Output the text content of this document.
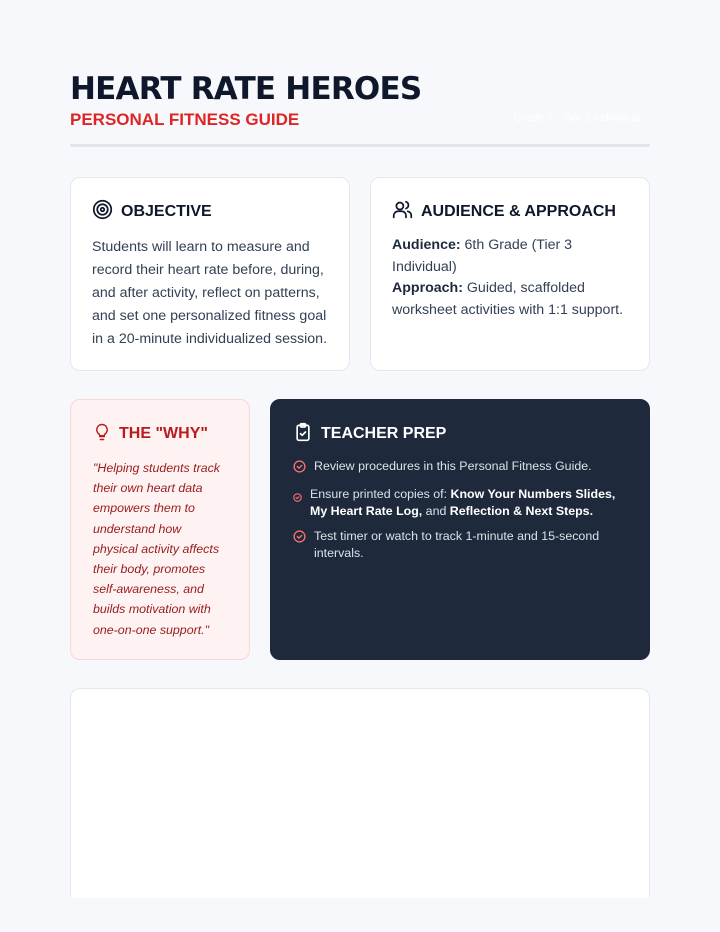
HEART RATE HEROES
PERSONAL FITNESS GUIDE	Grade 6 · Tier 3 Individual
OBJECTIVE

Students will learn to measure and record their heart rate before, during, and after activity, reflect on patterns, and set one personalized fitness goal in a 20-minute individualized session.

AUDIENCE & APPROACH

Audience: 6th Grade (Tier 3 Individual)

Approach: Guided, scaffolded worksheet activities with 1:1 support.

THE "WHY"

"Helping students track their own heart data empowers them to understand how physical activity affects their body, promotes self-awareness, and builds motivation with one-on-one support."

TEACHER PREP
Review procedures in this Personal Fitness Guide.
Ensure printed copies of: Know Your Numbers Slides, My Heart Rate Log, and Reflection & Next Steps.
Test timer or watch to track 1-minute and 15-second intervals.
